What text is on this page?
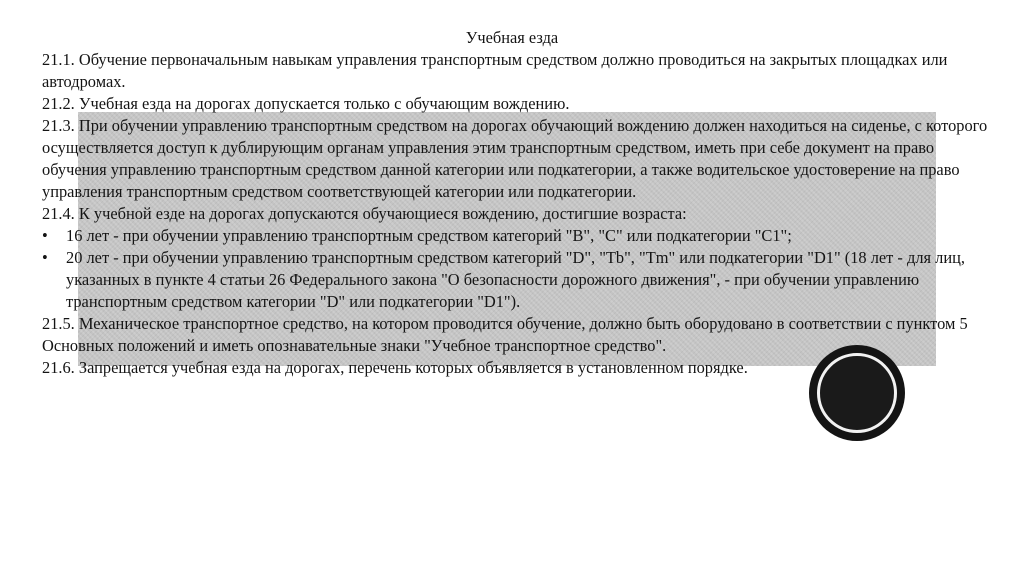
Учебная езда

21.1. Обучение первоначальным навыкам управления транспортным средством должно проводиться на закрытых площадках или автодромах.

21.2. Учебная езда на дорогах допускается только с обучающим вождению.

21.3. При обучении управлению транспортным средством на дорогах обучающий вождению должен находиться на сиденье, с которого осуществляется доступ к дублирующим органам управления этим транспортным средством, иметь при себе документ на право обучения управлению транспортным средством данной категории или подкатегории, а также водительское удостоверение на право управления транспортным средством соответствующей категории или подкатегории.

21.4. К учебной езде на дорогах допускаются обучающиеся вождению, достигшие возраста:

• 16 лет - при обучении управлению транспортным средством категорий "B", "C" или подкатегории "C1";
• 20 лет - при обучении управлению транспортным средством категорий "D", "Tb", "Tm" или подкатегории "D1" (18 лет - для лиц, указанных в пункте 4 статьи 26 Федерального закона "О безопасности дорожного движения", - при обучении управлению транспортным средством категории "D" или подкатегории "D1").

21.5. Механическое транспортное средство, на котором проводится обучение, должно быть оборудовано в соответствии с пунктом 5 Основных положений и иметь опознавательные знаки "Учебное транспортное средство".

21.6. Запрещается учебная езда на дорогах, перечень которых объявляется в установленном порядке.
